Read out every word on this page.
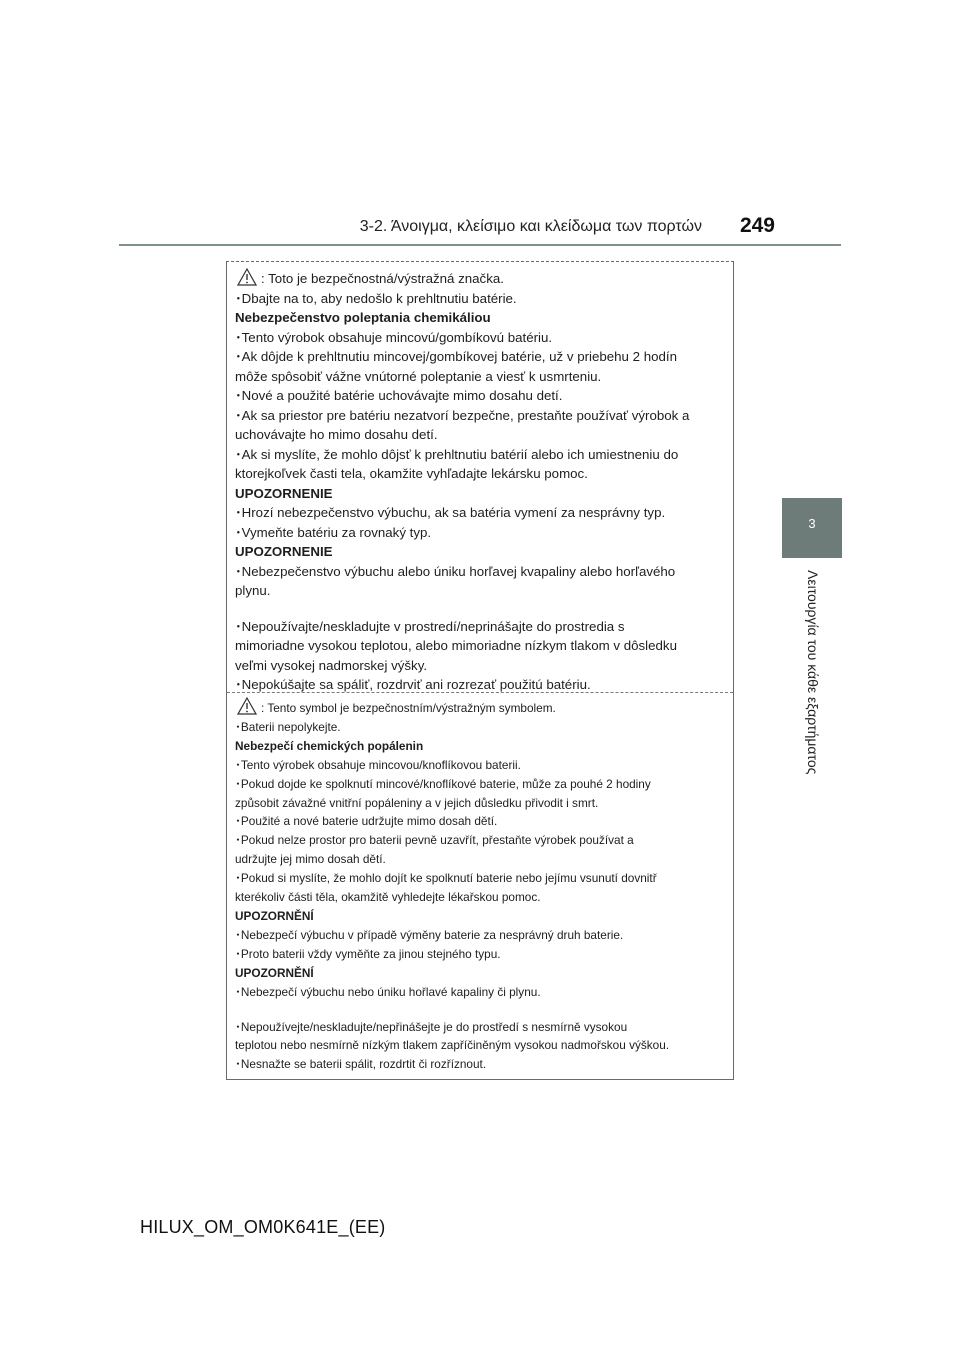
3-2. Άνοιγμα, κλείσιμο και κλείδωμα των πορτών 249
3
Λειτουργία του κάθε εξαρτήματος
: Toto je bezpečnostná/výstražná značka.
･Dbajte na to, aby nedošlo k prehltnutiu batérie.
Nebezpečenstvo poleptania chemikáliou
･Tento výrobok obsahuje mincovú/gombíkovú batériu.
･Ak dôjde k prehltnutiu mincovej/gombíkovej batérie, už v priebehu 2 hodín
môže spôsobiť vážne vnútorné poleptanie a viesť k usmrteniu.
･Nové a použité batérie uchovávajte mimo dosahu detí.
･Ak sa priestor pre batériu nezatvorí bezpečne, prestaňte používať výrobok a
uchovávajte ho mimo dosahu detí.
･Ak si myslíte, že mohlo dôjsť k prehltnutiu batérií alebo ich umiestneniu do
ktorejkoľvek časti tela, okamžite vyhľadajte lekársku pomoc.
UPOZORNENIE
･Hrozí nebezpečenstvo výbuchu, ak sa batéria vymení za nesprávny typ.
･Vymeňte batériu za rovnaký typ.
UPOZORNENIE
･Nebezpečenstvo výbuchu alebo úniku horľavej kvapaliny alebo horľavého
plynu.
･Nepoužívajte/neskladujte v prostredí/neprinášajte do prostredia s
mimoriadne vysokou teplotou, alebo mimoriadne nízkym tlakom v dôsledku
veľmi vysokej nadmorskej výšky.
･Nepokúšajte sa spáliť, rozdrviť ani rozrezať použitú batériu.
: Tento symbol je bezpečnostním/výstražným symbolem.
･Baterii nepolykejte.
Nebezpečí chemických popálenin
･Tento výrobek obsahuje mincovou/knoflíkovou baterii.
･Pokud dojde ke spolknutí mincové/knoflíkové baterie, může za pouhé 2 hodiny
způsobit závažné vnitřní popáleniny a v jejich důsledku přivodit i smrt.
･Použité a nové baterie udržujte mimo dosah dětí.
･Pokud nelze prostor pro baterii pevně uzavřít, přestaňte výrobek používat a
udržujte jej mimo dosah dětí.
･Pokud si myslíte, že mohlo dojít ke spolknutí baterie nebo jejímu vsunutí dovnitř
kterékoliv části těla, okamžitě vyhledejte lékařskou pomoc.
UPOZORNĚNÍ
･Nebezpečí výbuchu v případě výměny baterie za nesprávný druh baterie.
･Proto baterii vždy vyměňte za jinou stejného typu.
UPOZORNĚNÍ
･Nebezpečí výbuchu nebo úniku hořlavé kapaliny či plynu.
･Nepoužívejte/neskladujte/nepřinášejte je do prostředí s nesmírně vysokou
teplotou nebo nesmírně nízkým tlakem zapříčiněným vysokou nadmořskou výškou.
･Nesnažte se baterii spálit, rozdrtit či rozříznout.
HILUX_OM_OM0K641E_(EE)
